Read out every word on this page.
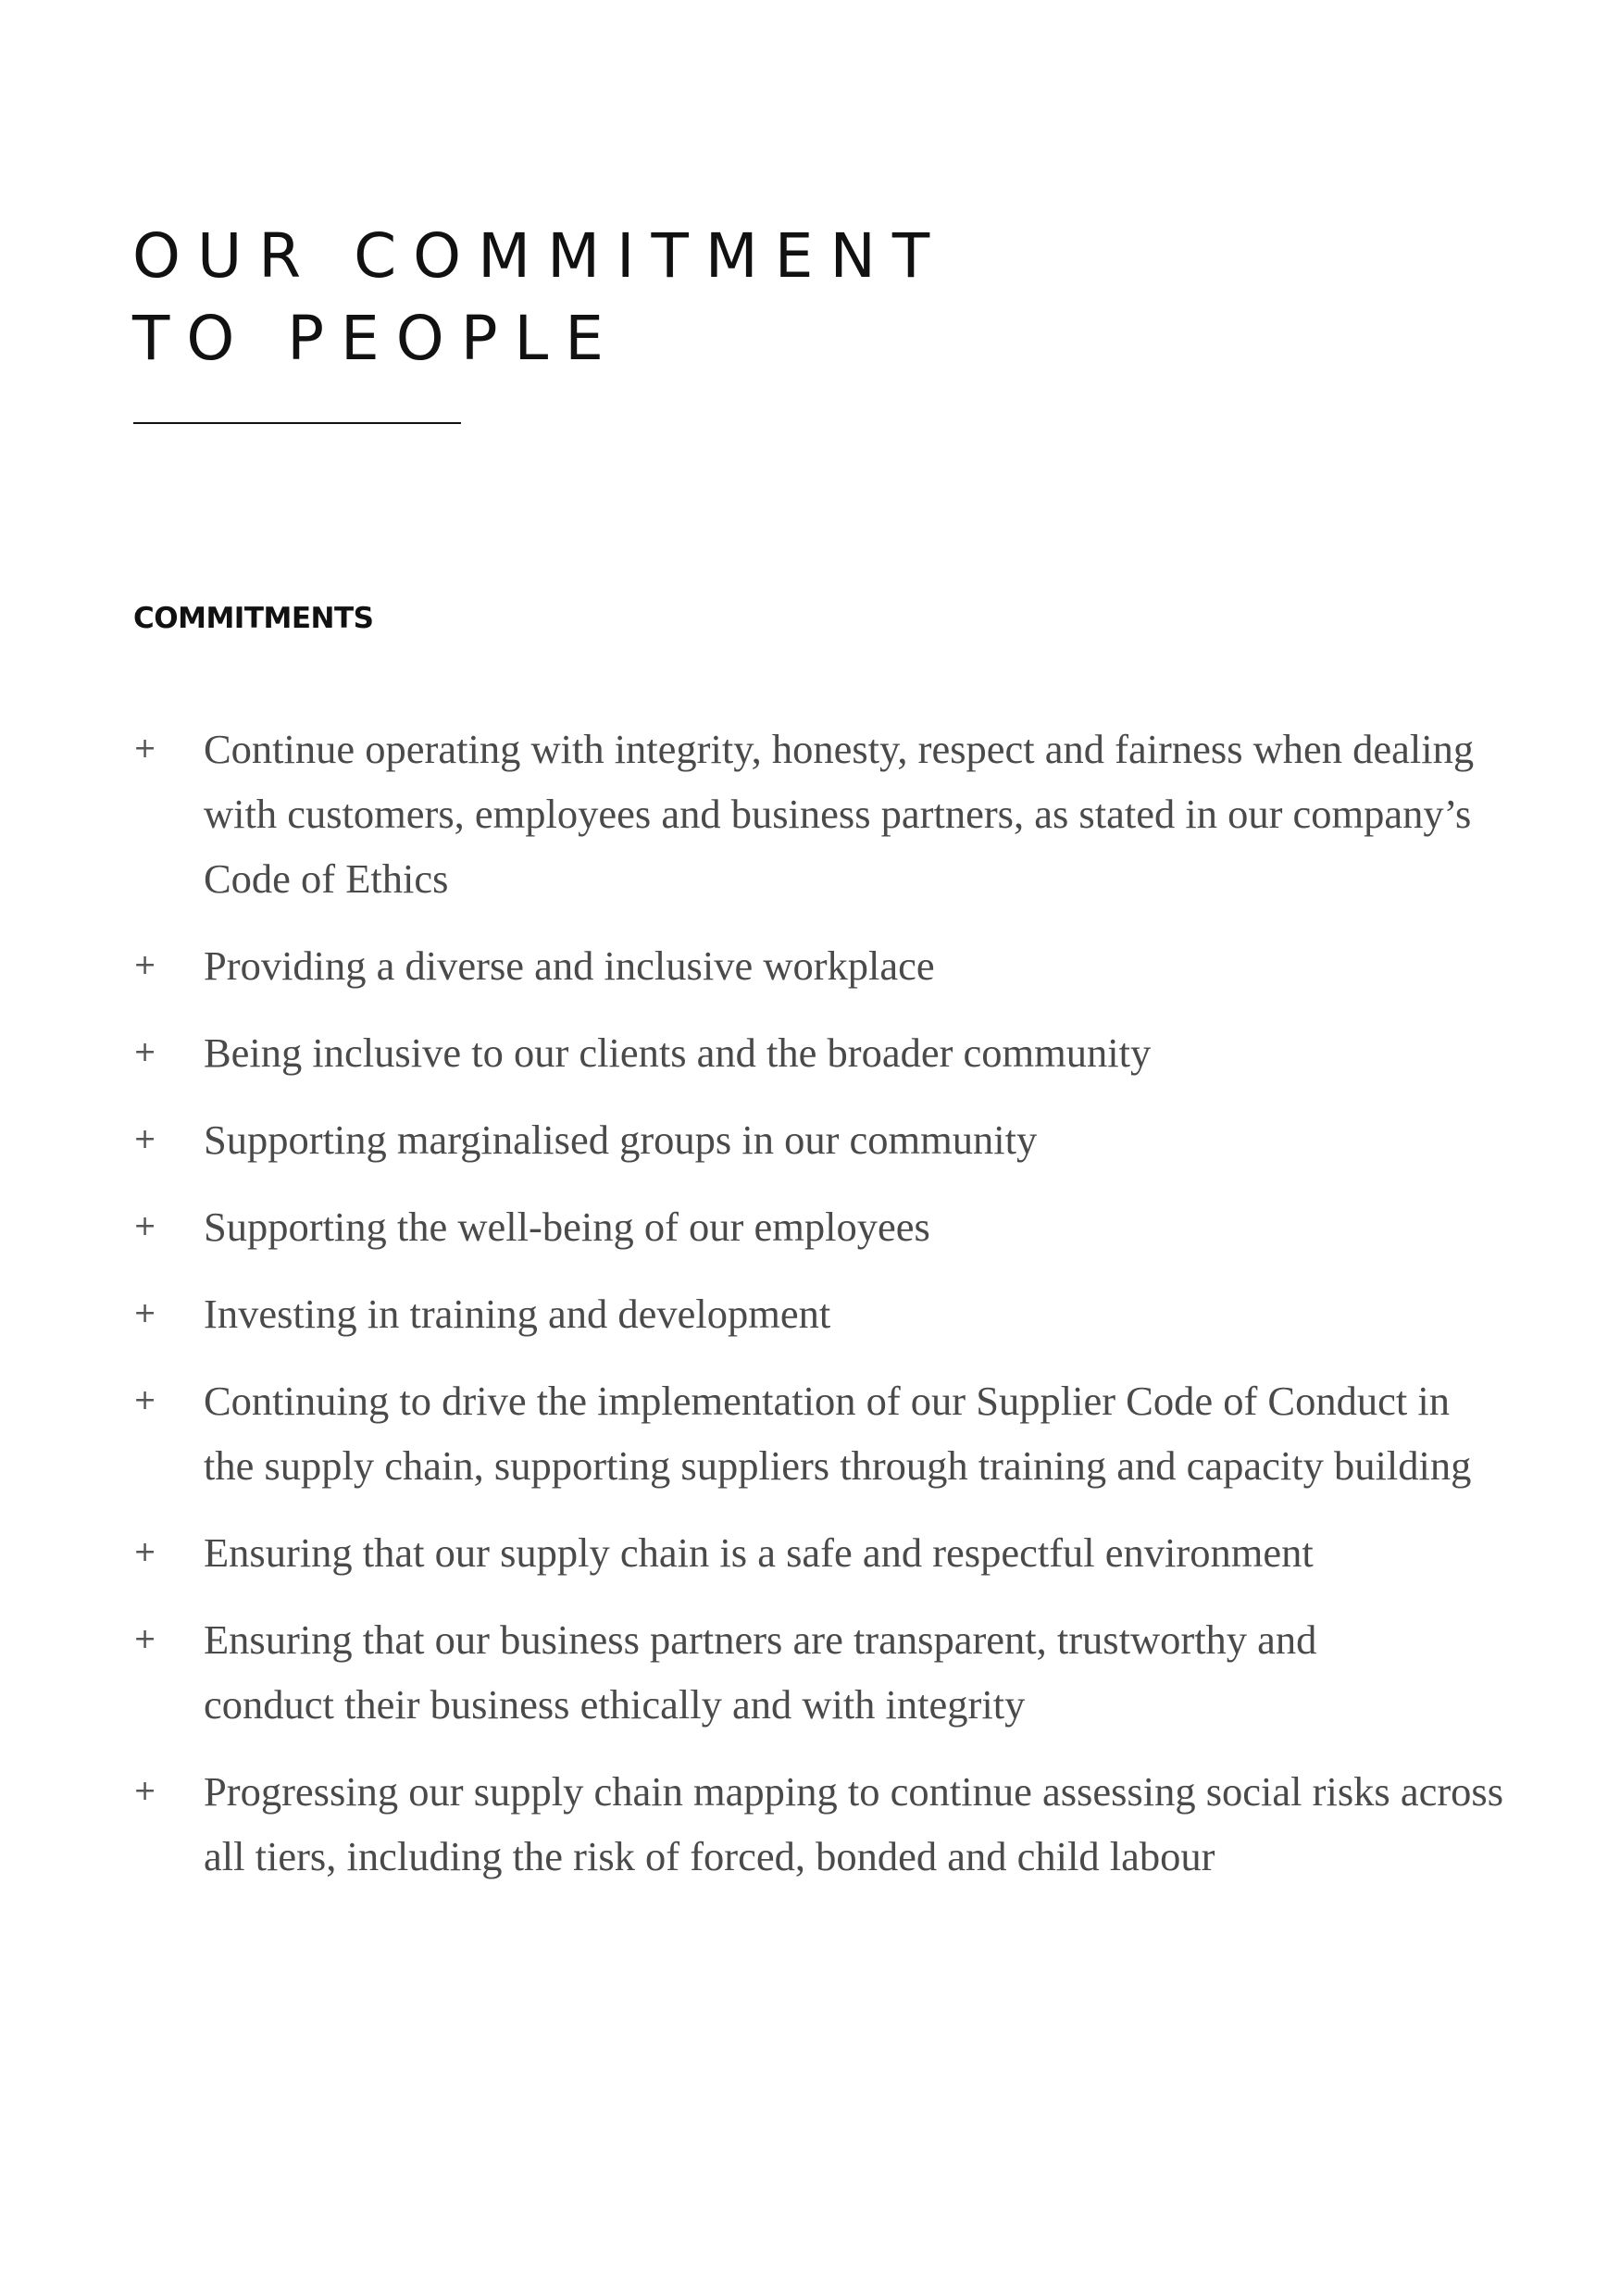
OUR COMMITMENT
TO PEOPLE
COMMITMENTS
+ Continue operating with integrity, honesty, respect and fairness when dealing
with customers, employees and business partners, as stated in our company’s
Code of Ethics
+ Providing a diverse and inclusive workplace
+ Being inclusive to our clients and the broader community
+ Supporting marginalised groups in our community
+ Supporting the well-being of our employees
+ Investing in training and development
+ Continuing to drive the implementation of our Supplier Code of Conduct in
the supply chain, supporting suppliers through training and capacity building
+ Ensuring that our supply chain is a safe and respectful environment
+ Ensuring that our business partners are transparent, trustworthy and
conduct their business ethically and with integrity
+ Progressing our supply chain mapping to continue assessing social risks across
all tiers, including the risk of forced, bonded and child labour
